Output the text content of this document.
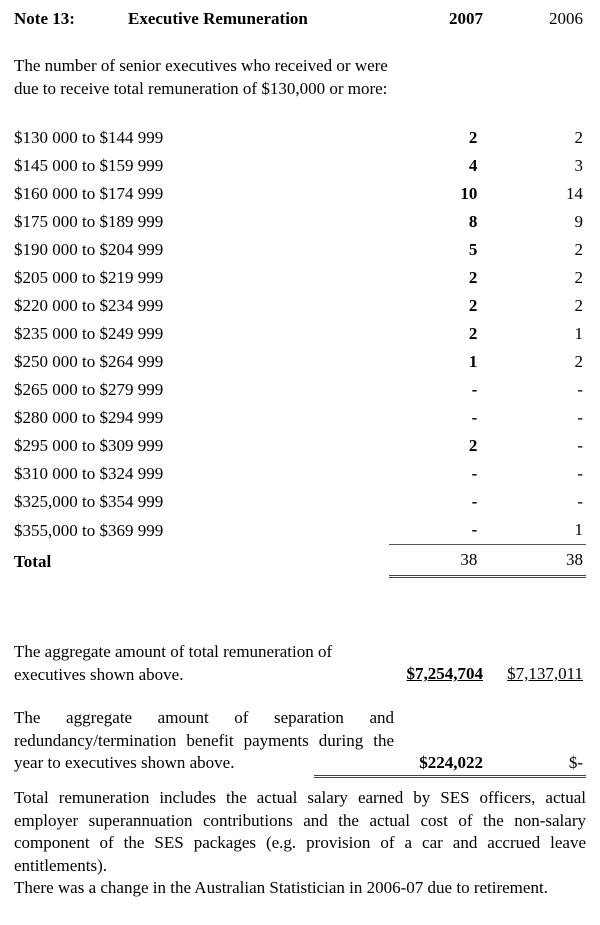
Note 13:	Executive Remuneration	2007	2006
The number of senior executives who received or were due to receive total remuneration of $130,000 or more:
$130 000 to $144 999	2	2
$145 000 to $159 999	4	3
$160 000 to $174 999	10	14
$175 000 to $189 999	8	9
$190 000 to $204 999	5	2
$205 000 to $219 999	2	2
$220 000 to $234 999	2	2
$235 000 to $249 999	2	1
$250 000 to $264 999	1	2
$265 000 to $279 999	-	-
$280 000 to $294 999	-	-
$295 000 to $309 999	2	-
$310 000 to $324 999	-	-
$325,000 to $354 999	-	-
$355,000 to $369 999	-	1
Total	38	38
The aggregate amount of total remuneration of executives shown above.	$7,254,704	$7,137,011
The aggregate amount of separation and redundancy/termination benefit payments during the year to executives shown above.	$224,022	$-
Total remuneration includes the actual salary earned by SES officers, actual employer superannuation contributions and the actual cost of the non-salary component of the SES packages (e.g. provision of a car and accrued leave entitlements).
There was a change in the Australian Statistician in 2006-07 due to retirement.
